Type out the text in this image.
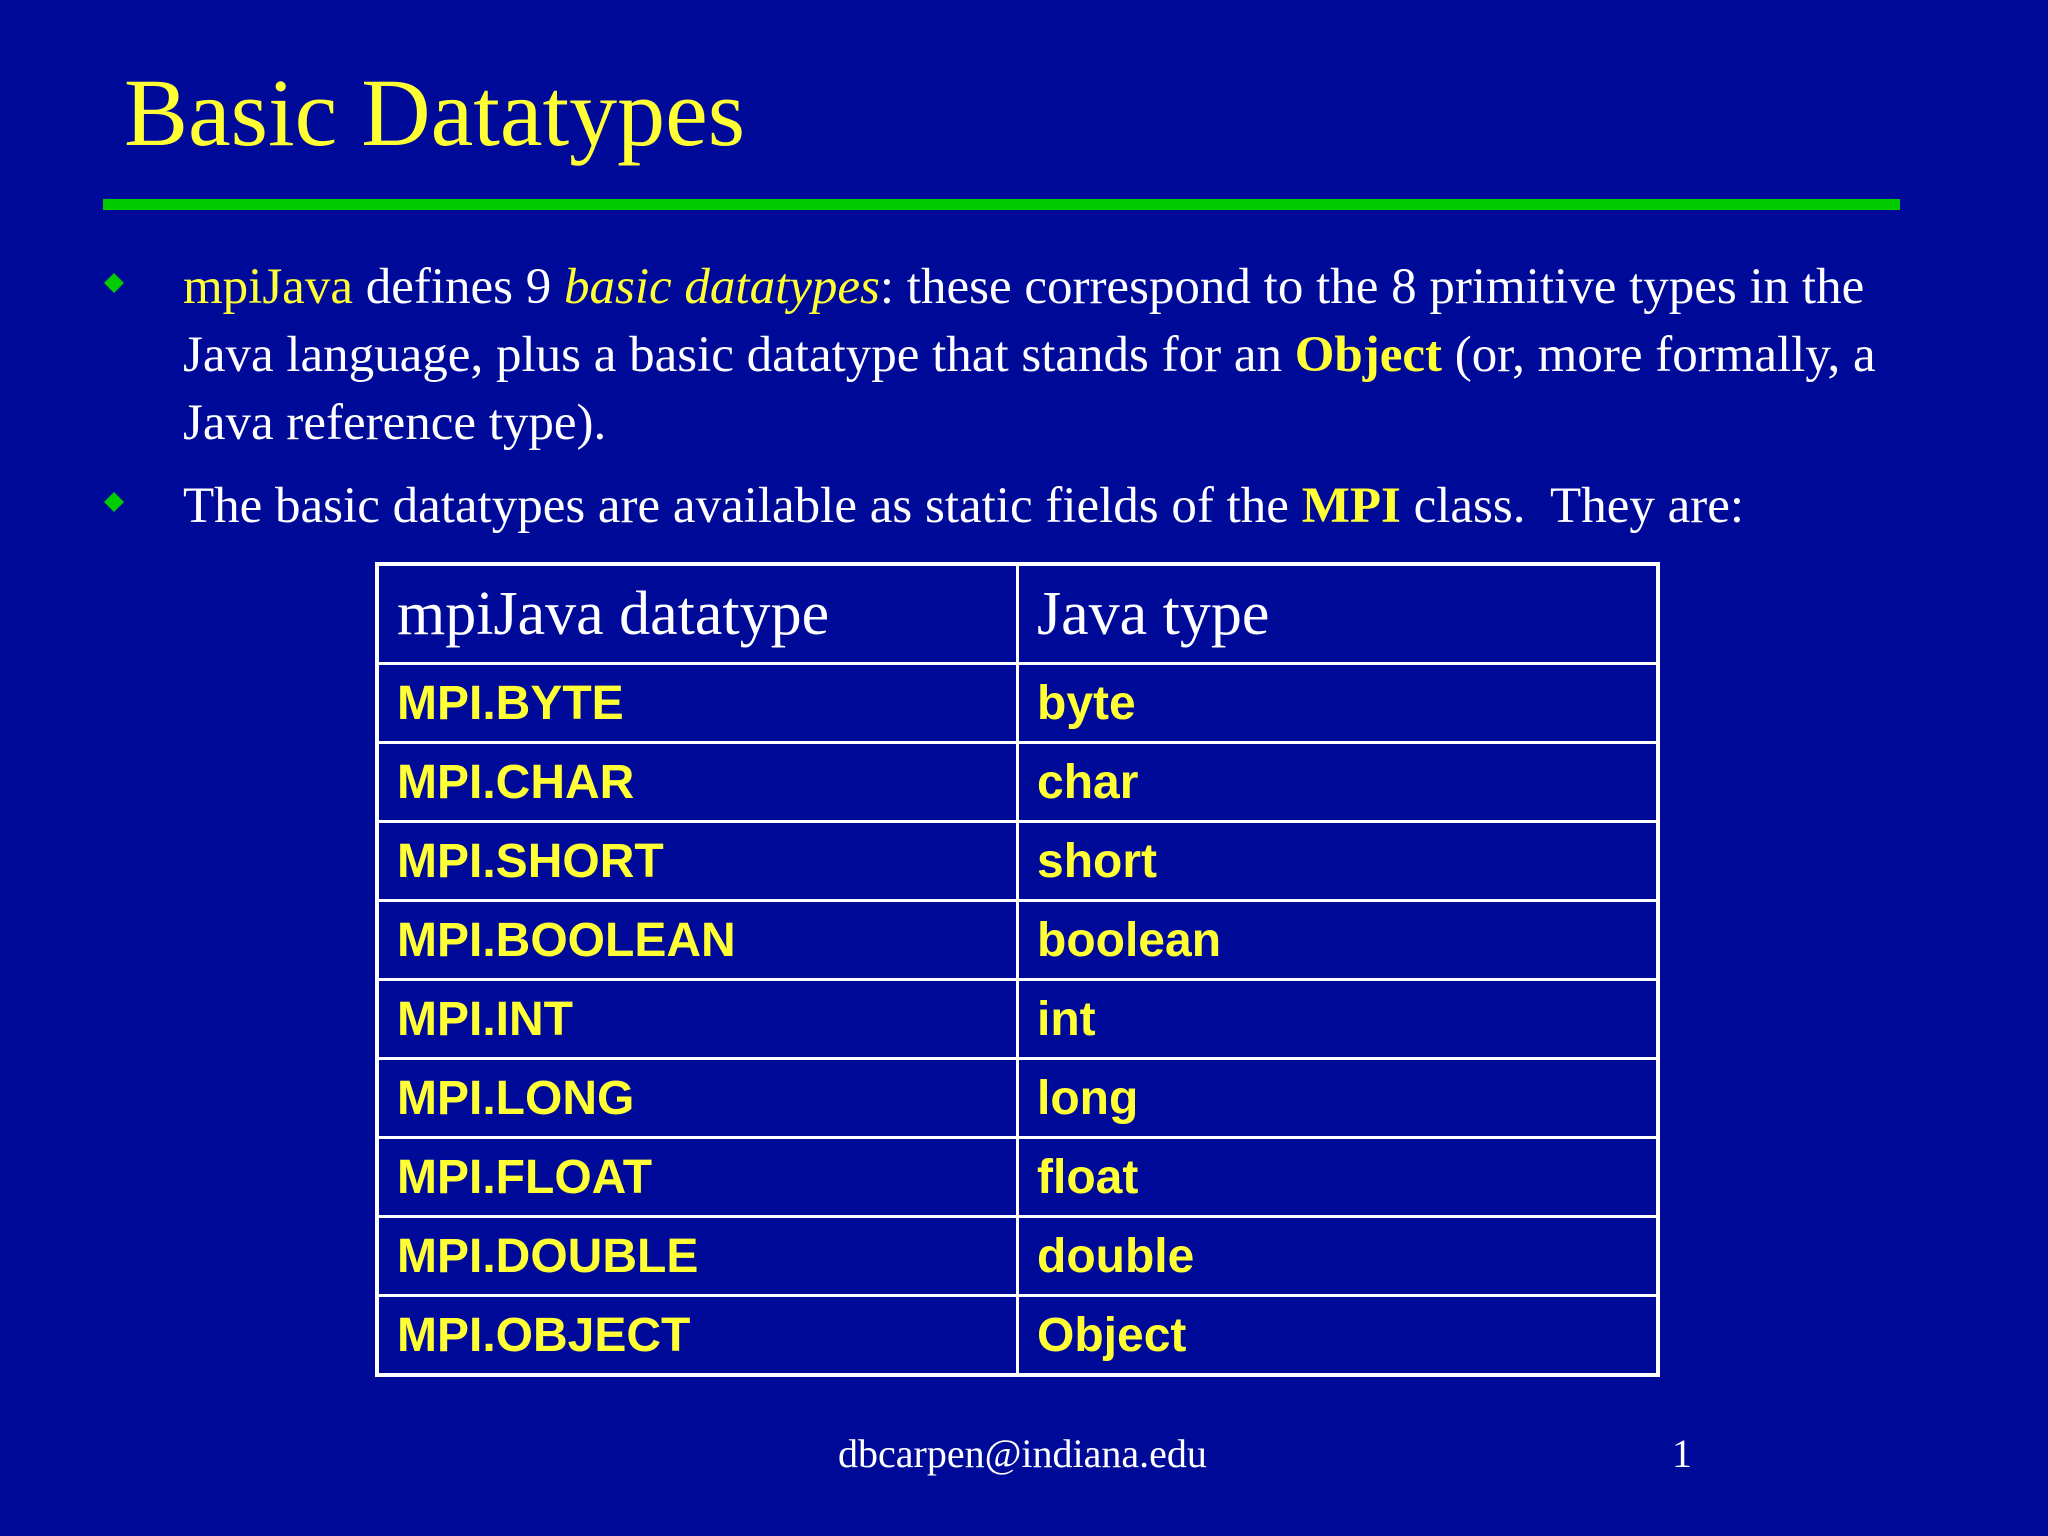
Basic Datatypes
mpiJava defines 9 basic datatypes: these correspond to the 8 primitive types in the Java language, plus a basic datatype that stands for an Object (or, more formally, a Java reference type).
The basic datatypes are available as static fields of the MPI class.  They are:
mpiJava datatype	Java type
MPI.BYTE	byte
MPI.CHAR	char
MPI.SHORT	short
MPI.BOOLEAN	boolean
MPI.INT	int
MPI.LONG	long
MPI.FLOAT	float
MPI.DOUBLE	double
MPI.OBJECT	Object
dbcarpen@indiana.edu	1
